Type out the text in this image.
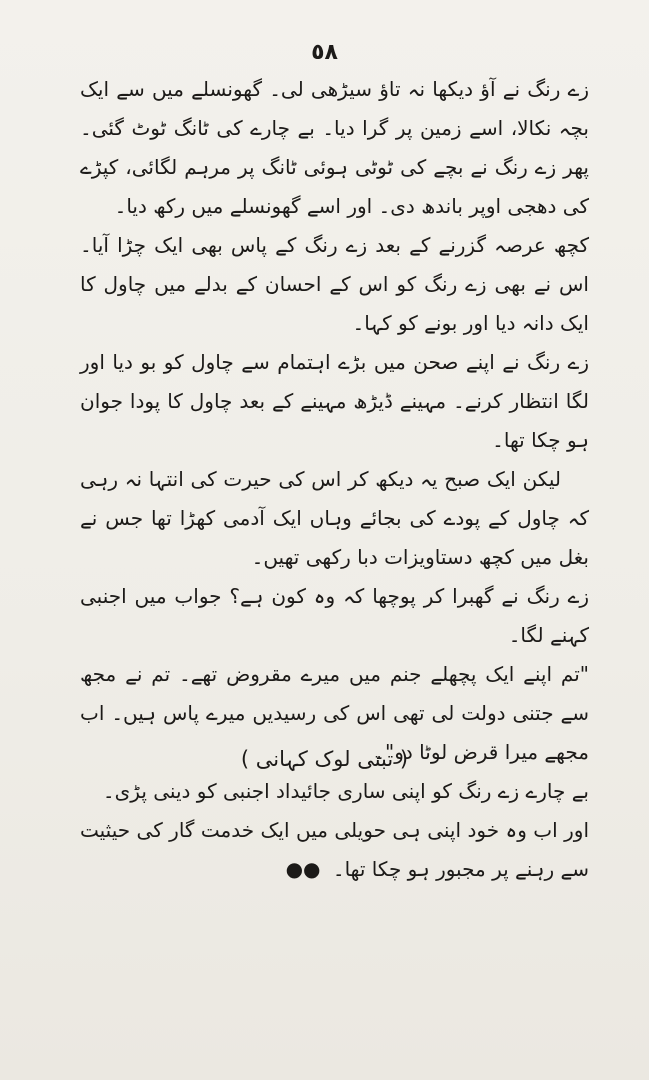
٥٨

زے رنگ نے آؤ دیکھا نہ تاؤ سیڑھی لی۔ گھونسلے میں سے ایک بچہ نکالا، اسے زمین پر گرا دیا۔ بے چارے کی ٹانگ ٹوٹ گئی۔ پھر زے رنگ نے بچے کی ٹوٹی ہوئی ٹانگ پر مرہم لگائی، کپڑے کی دھجی اوپر باندھ دی۔ اور اسے گھونسلے میں رکھ دیا۔

کچھ عرصہ گزرنے کے بعد زے رنگ کے پاس بھی ایک چڑا آیا۔ اس نے بھی زے رنگ کو اس کے احسان کے بدلے میں چاول کا ایک دانہ دیا اور بونے کو کہا۔

زے رنگ نے اپنے صحن میں بڑے اہتمام سے چاول کو بو دیا اور لگا انتظار کرنے۔ مہینے ڈیڑھ مہینے کے بعد چاول کا پودا جوان ہو چکا تھا۔

لیکن ایک صبح یہ دیکھ کر اس کی حیرت کی انتہا نہ رہی کہ چاول کے پودے کی بجائے وہاں ایک آدمی کھڑا تھا جس نے بغل میں کچھ دستاویزات دبا رکھی تھیں۔

زے رنگ نے گھبرا کر پوچھا کہ وہ کون ہے؟ جواب میں اجنبی کہنے لگا۔

"تم اپنے ایک پچھلے جنم میں میرے مقروض تھے۔ تم نے مجھ سے جتنی دولت لی تھی اس کی رسیدیں میرے پاس ہیں۔ اب مجھے میرا قرض لوٹا دو"۔

بے چارے زے رنگ کو اپنی ساری جائیداد اجنبی کو دینی پڑی۔

اور اب وہ خود اپنی ہی حویلی میں ایک خدمت گار کی حیثیت سے رہنے پر مجبور ہو چکا تھا۔ ●●

( تبتی لوک کہانی )
